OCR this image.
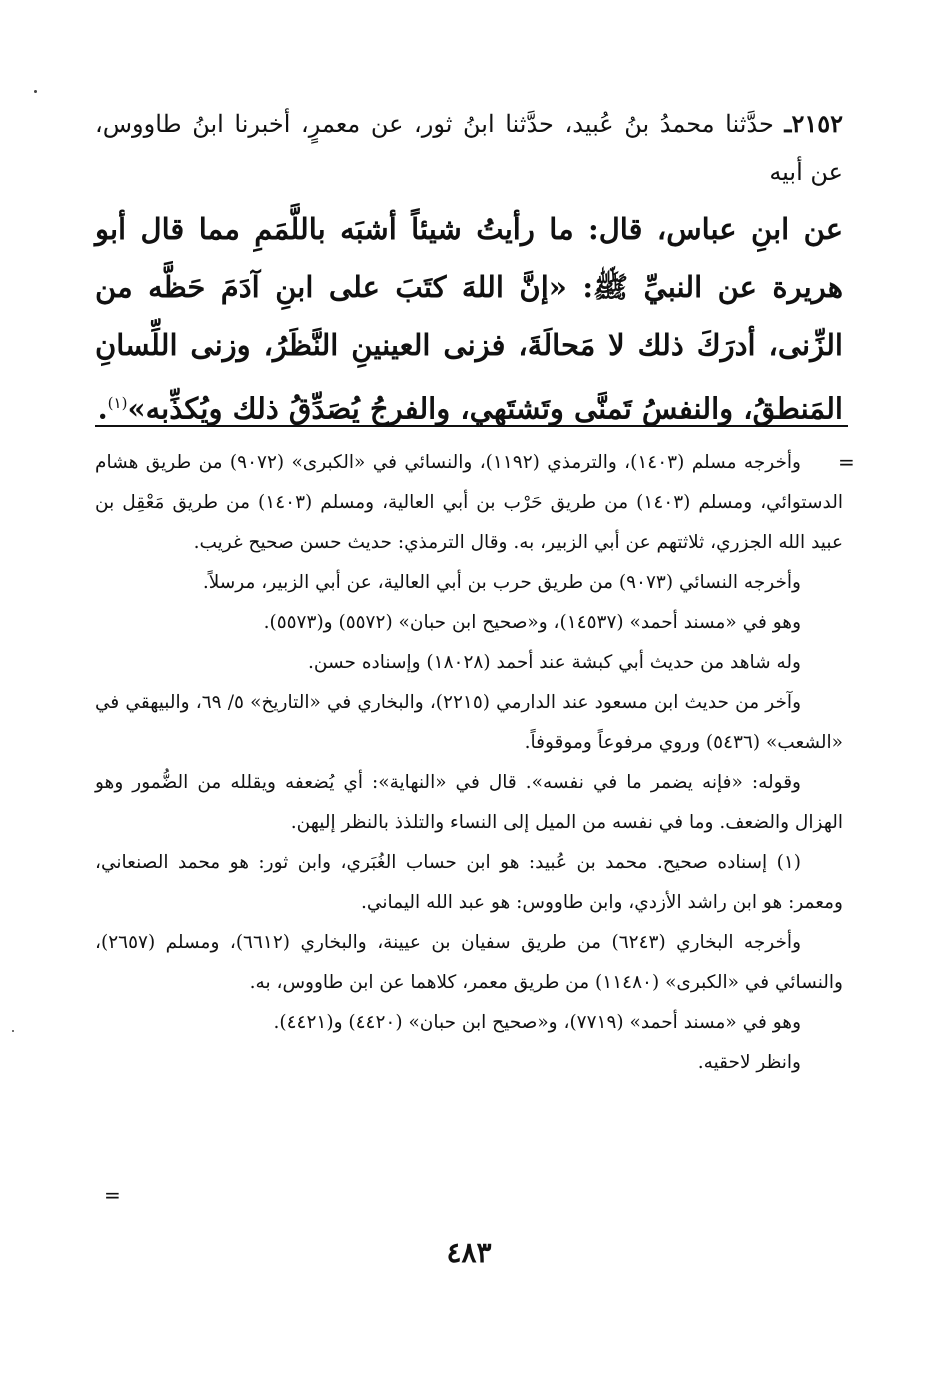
٢١٥٢ـ حدَّثنا محمدُ بنُ عُبيد، حدَّثنا ابنُ ثور، عن معمرٍ، أخبرنا ابنُ طاووس، عن أبيه
عن ابنِ عباس، قال: ما رأيتُ شيئاً أشبَه باللَّمَمِ مما قال أبو هريرة عن النبيِّ ﷺ: «إنَّ اللهَ كتَبَ على ابنِ آدَمَ حَظَّه من الزِّنى، أدرَكَ ذلك لا مَحالَةَ، فزنى العينينِ النَّظَرُ، وزنى اللِّسانِ المَنطقُ، والنفسُ تَمنَّى وتَشتَهي، والفرجُ يُصَدِّقُ ذلك ويُكذِّبه»$^{(١)}$.
=

وأخرجه مسلم (١٤٠٣)، والترمذي (١١٩٢)، والنسائي في «الكبرى» (٩٠٧٢) من طريق هشام الدستوائي، ومسلم (١٤٠٣) من طريق حَرْب بن أبي العالية، ومسلم (١٤٠٣) من طريق مَعْقِل بن عبيد الله الجزري، ثلاثتهم عن أبي الزبير، به. وقال الترمذي: حديث حسن صحيح غريب.

وأخرجه النسائي (٩٠٧٣) من طريق حرب بن أبي العالية، عن أبي الزبير، مرسلاً.

وهو في «مسند أحمد» (١٤٥٣٧)، و«صحيح ابن حبان» (٥٥٧٢) و(٥٥٧٣).

وله شاهد من حديث أبي كبشة عند أحمد (١٨٠٢٨) وإسناده حسن.

وآخر من حديث ابن مسعود عند الدارمي (٢٢١٥)، والبخاري في «التاريخ» ٥/ ٦٩، والبيهقي في «الشعب» (٥٤٣٦) وروي مرفوعاً وموقوفاً.

وقوله: «فإنه يضمر ما في نفسه». قال في «النهاية»: أي يُضعفه ويقلله من الضُّمور وهو الهزال والضعف. وما في نفسه من الميل إلى النساء والتلذذ بالنظر إليهن.

(١) إسناده صحيح. محمد بن عُبيد: هو ابن حساب الغُبَري، وابن ثور: هو محمد الصنعاني، ومعمر: هو ابن راشد الأزدي، وابن طاووس: هو عبد الله اليماني.

وأخرجه البخاري (٦٢٤٣) من طريق سفيان بن عيينة، والبخاري (٦٦١٢)، ومسلم (٢٦٥٧)، والنسائي في «الكبرى» (١١٤٨٠) من طريق معمر، كلاهما عن ابن طاووس، به.

وهو في «مسند أحمد» (٧٧١٩)، و«صحيح ابن حبان» (٤٤٢٠) و(٤٤٢١).

وانظر لاحقيه.

=
٤٨٣
